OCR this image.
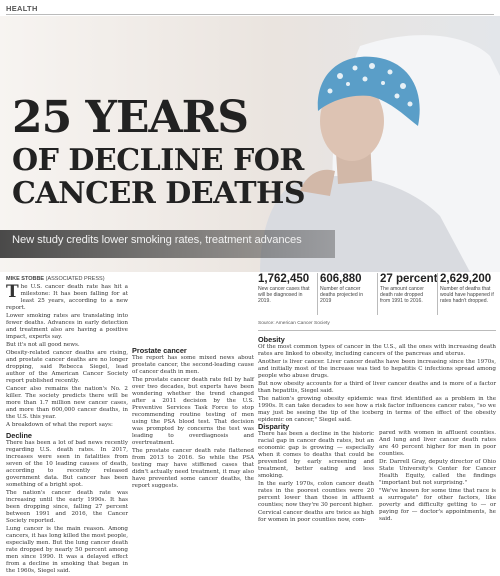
HEALTH
25 YEARS
OF DECLINE FOR
CANCER DEATHS
New study credits lower smoking rates, treatment advances
MIKE STOBBE (ASSOCIATED PRESS)

The U.S. cancer death rate has hit a milestone: It has been falling for at least 25 years, according to a new report.

Lower smoking rates are translating into fewer deaths. Advances in early detection and treatment also are having a positive impact, experts say.

But it's not all good news.

Obesity-related cancer deaths are rising, and prostate cancer deaths are no longer dropping, said Rebecca Siegel, lead author of the American Cancer Society report published recently.

Cancer also remains the nation's No. 2 killer. The society predicts there will be more than 1.7 million new cancer cases, and more than 600,000 cancer deaths, in the U.S. this year.

A breakdown of what the report says:

Decline

There has been a lot of bad news recently regarding U.S. death rates. In 2017, increases were seen in fatalities from seven of the 10 leading causes of death, according to recently released government data. But cancer has been something of a bright spot.

The nation's cancer death rate was increasing until the early 1990s. It has been dropping since, falling 27 percent between 1991 and 2016, the Cancer Society reported.

Lung cancer is the main reason. Among cancers, it has long killed the most people, especially men. But the lung cancer death rate dropped by nearly 50 percent among men since 1990. It was a delayed effect from a decline in smoking that began in the 1960s, Siegel said.

Prostate cancer

The report has some mixed news about prostate cancer, the second-leading cause of cancer death in men.

The prostate cancer death rate fell by half over two decades, but experts have been wondering whether the trend changed after a 2011 decision by the U.S. Preventive Services Task Force to stop recommending routine testing of men using the PSA blood test. That decision was prompted by concerns the test was leading to overdiagnosis and overtreatment.

The prostate cancer death rate flattened from 2013 to 2016. So while the PSA testing may have stiffened cases that didn't actually need treatment, it may also have prevented some cancer deaths, the report suggests.

1,762,450
New cancer cases that will be diagnosed in 2019.
606,880
Number of cancer deaths projected in 2019
27 percent
The amount cancer death rate dropped from 1991 to 2016.
2,629,200
Number of deaths that would have happened if rates hadn't dropped.
Source: American Cancer Society
Obesity

Of the most common types of cancer in the U.S., all the ones with increasing death rates are linked to obesity, including cancers of the pancreas and uterus.

Another is liver cancer. Liver cancer deaths have been increasing since the 1970s, and initially most of the increase was tied to hepatitis C infections spread among people who abuse drugs.

But now obesity accounts for a third of liver cancer deaths and is more of a factor than hepatitis, Siegel said.

The nation's growing obesity epidemic was first identified as a problem in the 1990s. It can take decades to see how a risk factor influences cancer rates, "so we may just be seeing the tip of the iceberg in terms of the effect of the obesity epidemic on cancer," Siegel said.

Disparity

There has been a decline in the historic racial gap in cancer death rates, but an economic gap is growing — especially when it comes to deaths that could be prevented by early screening and treatment, better eating and less smoking.

In the early 1970s, colon cancer death rates in the poorest counties were 20 percent lower than those in affluent counties; now they're 30 percent higher.

Cervical cancer deaths are twice as high for women in poor counties now, com-

pared with women in affluent counties. And lung and liver cancer death rates are 40 percent higher for men in poor counties.

Dr. Darrell Gray, deputy director of Ohio State University's Center for Cancer Health Equity, called the findings "important but not surprising."

"We've known for some time that race is a surrogate" for other factors, like poverty and difficulty getting to — or paying for — doctor's appointments, he said.
